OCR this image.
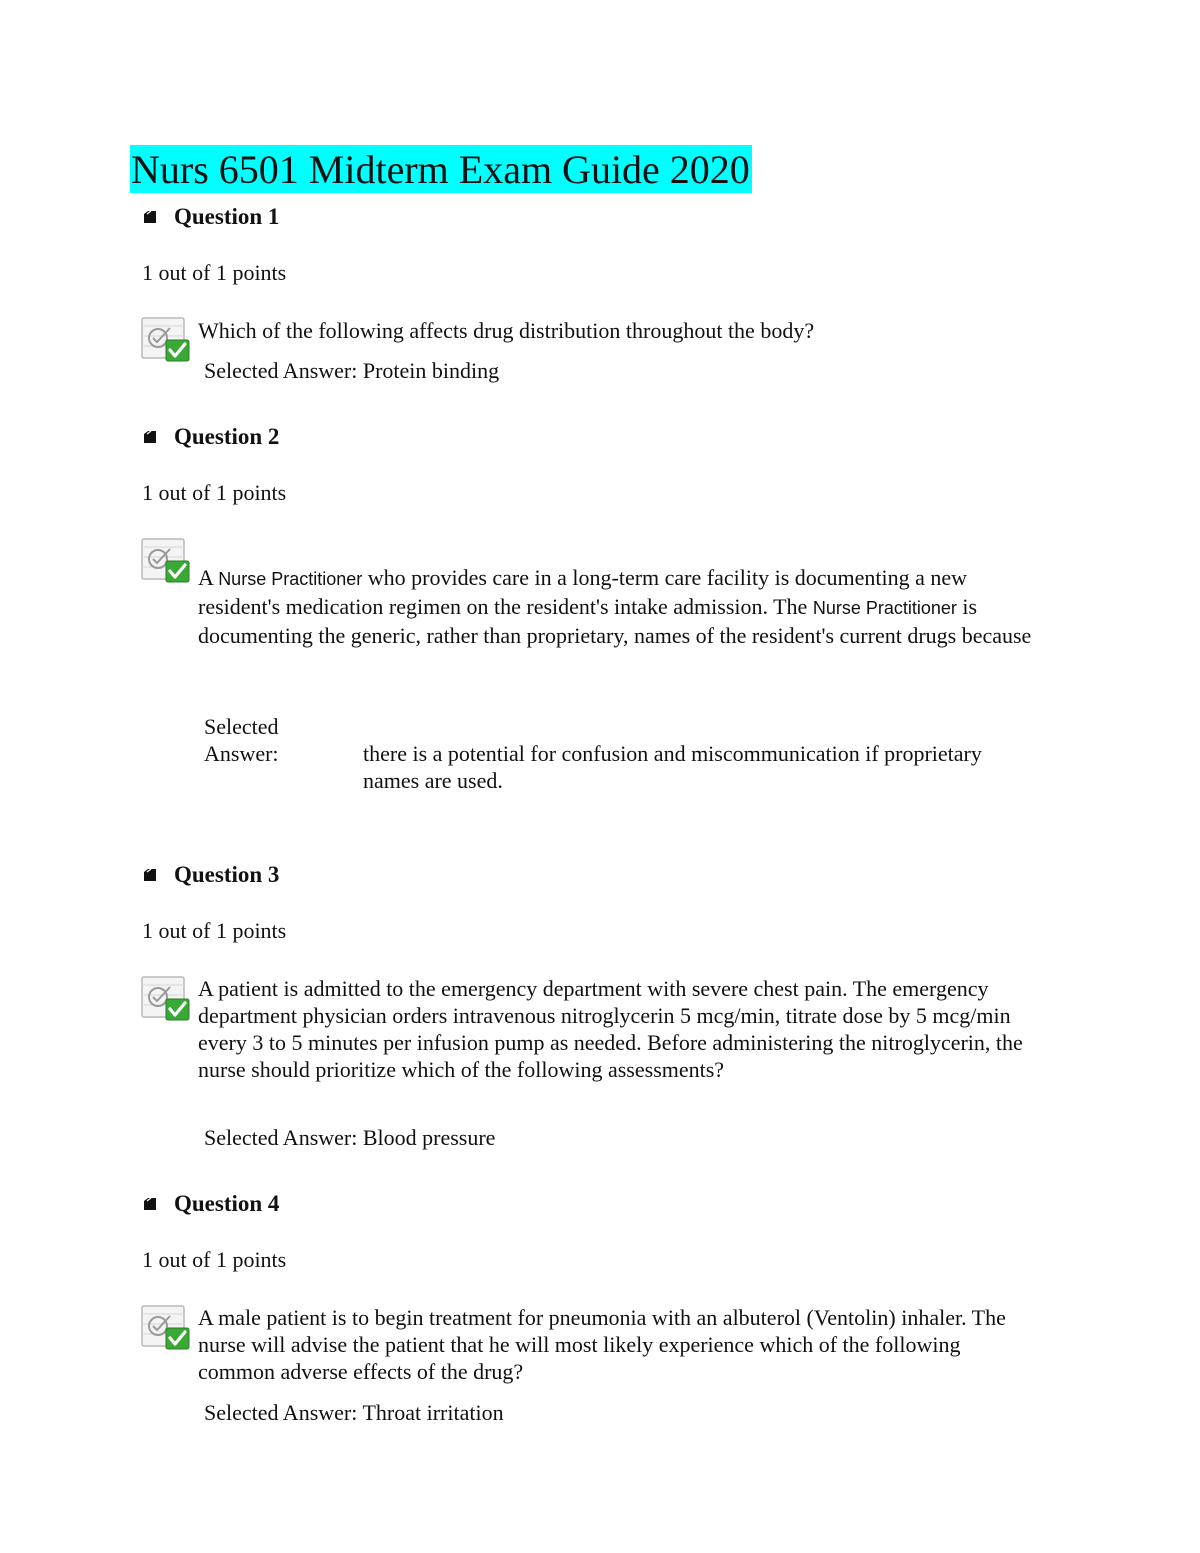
Nurs 6501 Midterm Exam Guide 2020
Question 1
1 out of 1 points
Which of the following affects drug distribution throughout the body?
Selected Answer: Protein binding
Question 2
1 out of 1 points
A Nurse Practitioner who provides care in a long-term care facility is documenting a new resident's medication regimen on the resident's intake admission. The Nurse Practitioner is documenting the generic, rather than proprietary, names of the resident's current drugs because
Selected
Answer:	there is a potential for confusion and miscommunication if proprietary names are used.
Question 3
1 out of 1 points
A patient is admitted to the emergency department with severe chest pain. The emergency department physician orders intravenous nitroglycerin 5 mcg/min, titrate dose by 5 mcg/min every 3 to 5 minutes per infusion pump as needed. Before administering the nitroglycerin, the nurse should prioritize which of the following assessments?
Selected Answer: Blood pressure
Question 4
1 out of 1 points
A male patient is to begin treatment for pneumonia with an albuterol (Ventolin) inhaler. The nurse will advise the patient that he will most likely experience which of the following common adverse effects of the drug?
Selected Answer: Throat irritation
